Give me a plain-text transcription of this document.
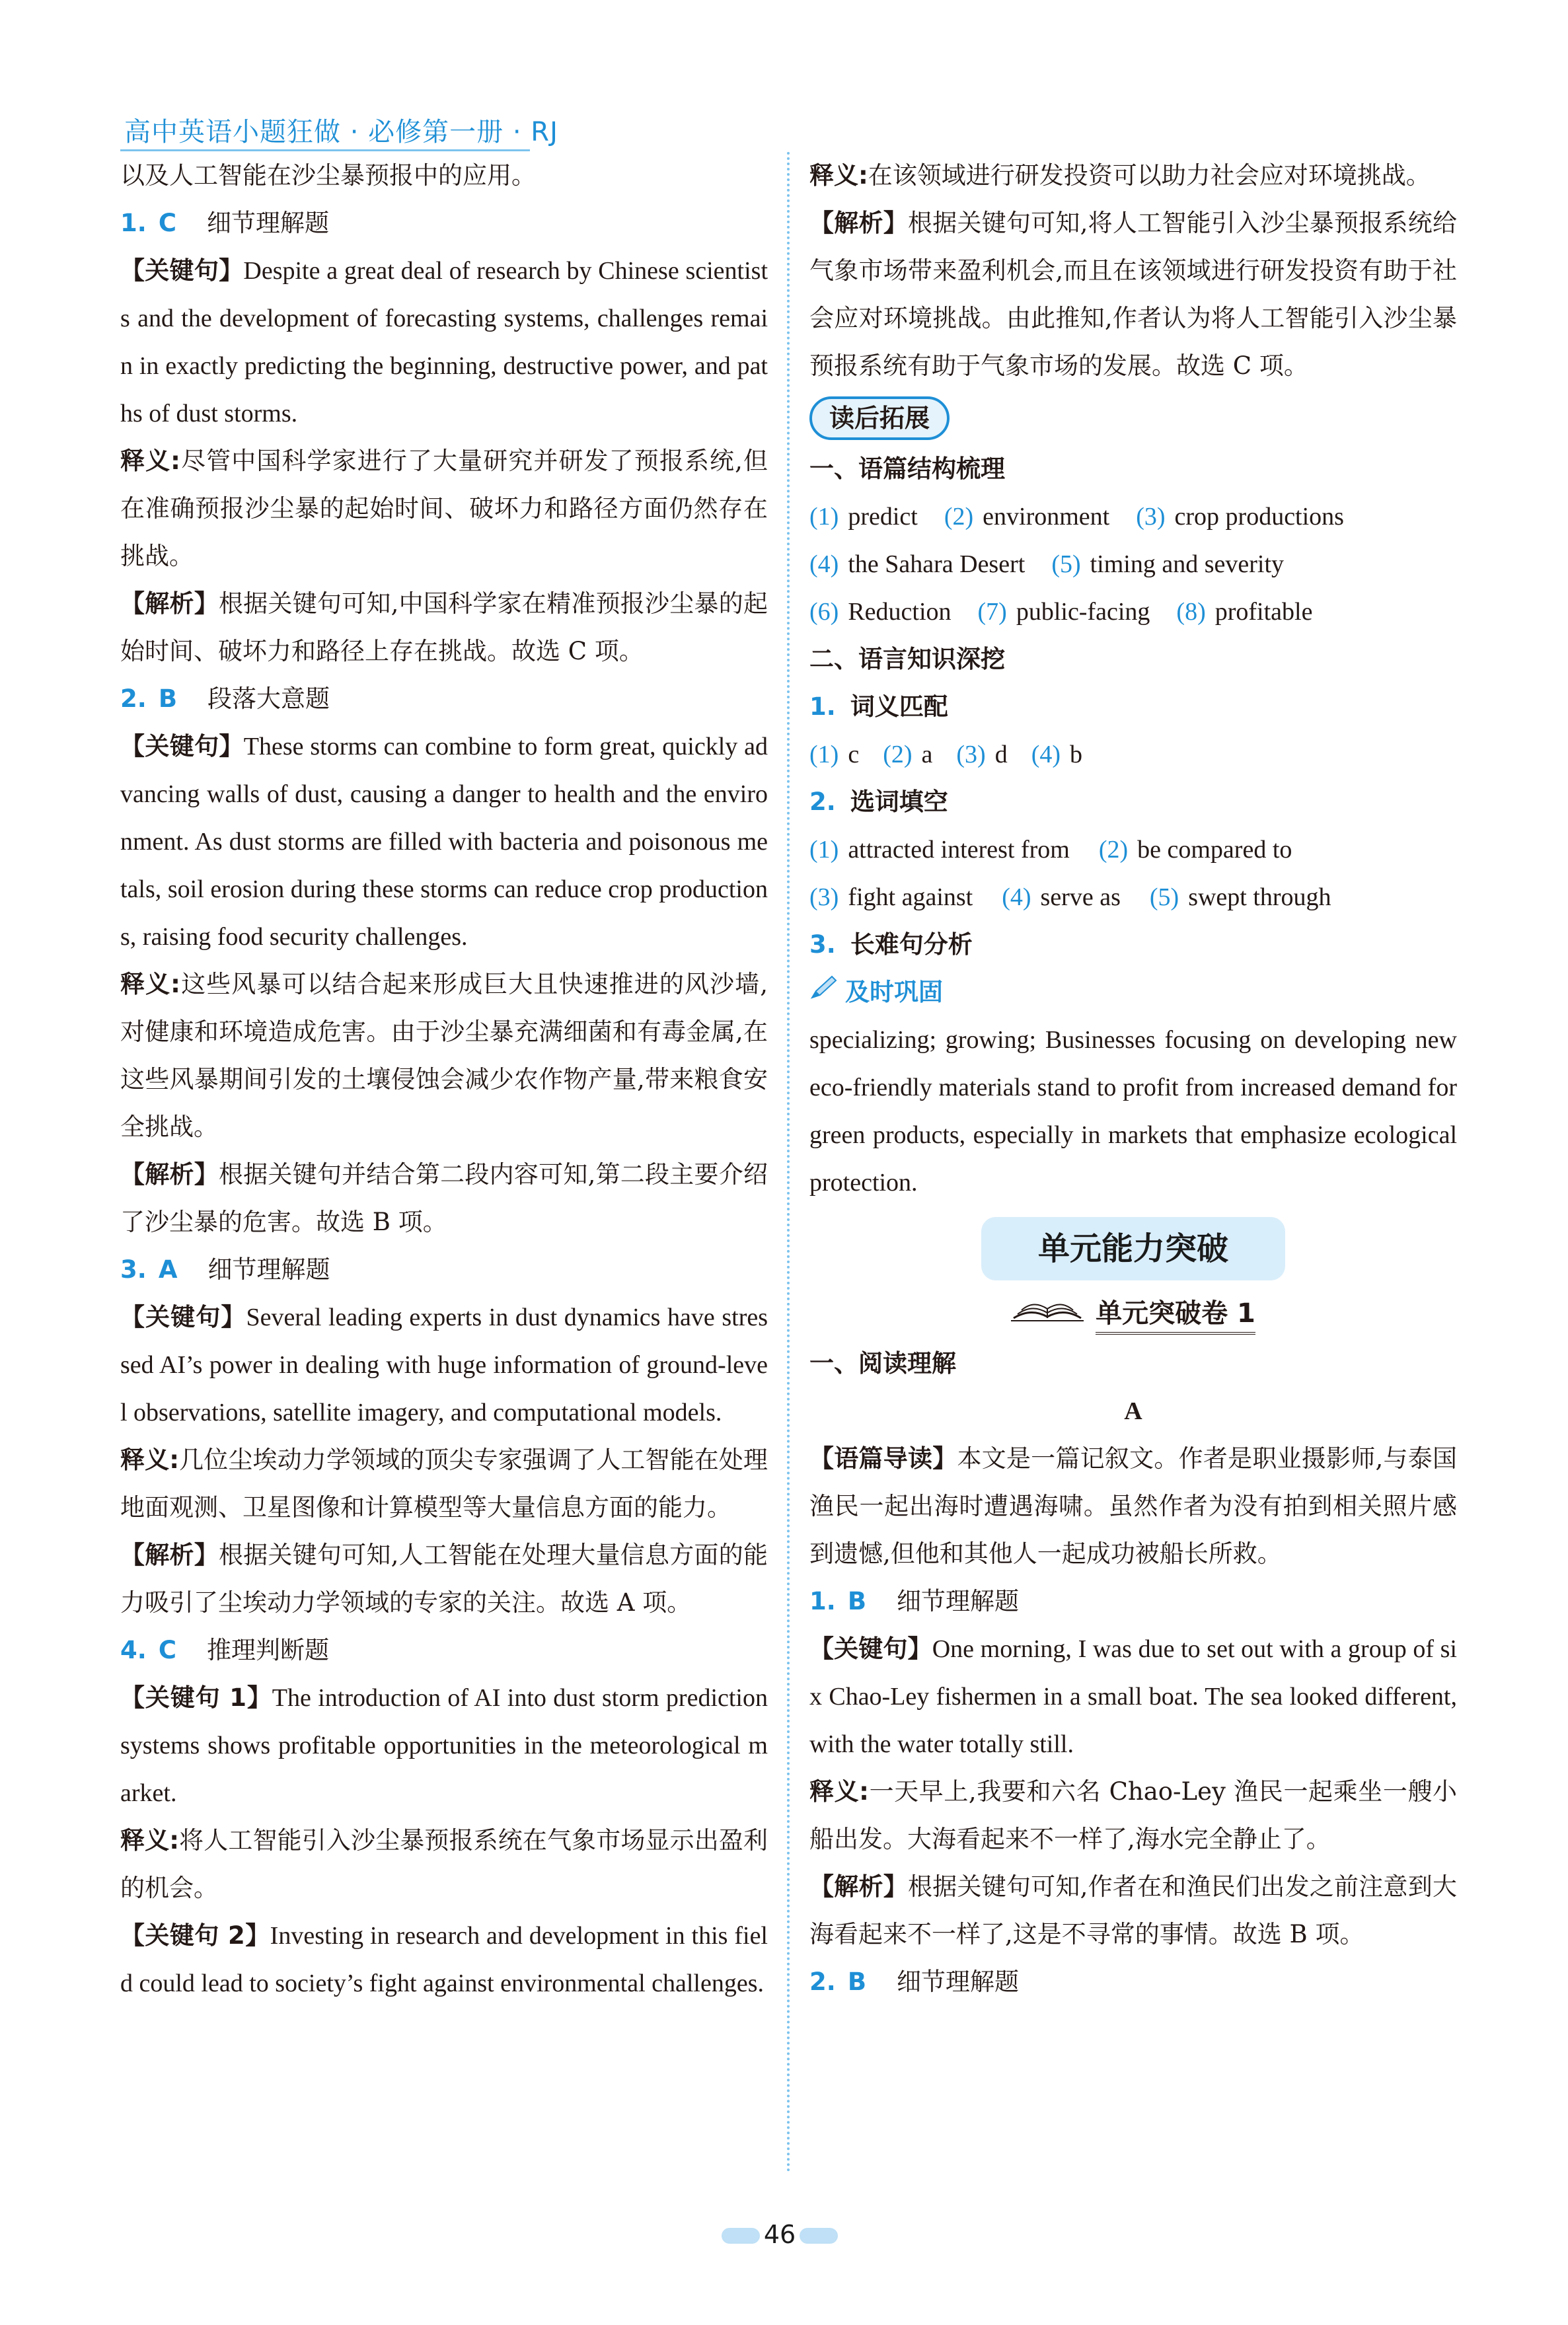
高中英语小题狂做 · 必修第一册 · RJ

以及人工智能在沙尘暴预报中的应用。

1. C 细节理解题

【关键句】Despite a great deal of research by Chinese scientists and the development of forecasting systems, challenges remain in exactly predicting the beginning, destructive power, and paths of dust storms.

释义:尽管中国科学家进行了大量研究并研发了预报系统,但在准确预报沙尘暴的起始时间、破坏力和路径方面仍然存在挑战。

【解析】根据关键句可知,中国科学家在精准预报沙尘暴的起始时间、破坏力和路径上存在挑战。故选 C 项。

2. B 段落大意题

【关键句】These storms can combine to form great, quickly advancing walls of dust, causing a danger to health and the environment. As dust storms are filled with bacteria and poisonous metals, soil erosion during these storms can reduce crop productions, raising food security challenges.

释义:这些风暴可以结合起来形成巨大且快速推进的风沙墙,对健康和环境造成危害。由于沙尘暴充满细菌和有毒金属,在这些风暴期间引发的土壤侵蚀会减少农作物产量,带来粮食安全挑战。

【解析】根据关键句并结合第二段内容可知,第二段主要介绍了沙尘暴的危害。故选 B 项。

3. A 细节理解题

【关键句】Several leading experts in dust dynamics have stressed AI’s power in dealing with huge information of ground-level observations, satellite imagery, and computational models.

释义:几位尘埃动力学领域的顶尖专家强调了人工智能在处理地面观测、卫星图像和计算模型等大量信息方面的能力。

【解析】根据关键句可知,人工智能在处理大量信息方面的能力吸引了尘埃动力学领域的专家的关注。故选 A 项。

4. C 推理判断题

【关键句 1】The introduction of AI into dust storm prediction systems shows profitable opportunities in the meteorological market.

释义:将人工智能引入沙尘暴预报系统在气象市场显示出盈利的机会。

【关键句 2】Investing in research and development in this field could lead to society’s fight against environmental challenges.

释义:在该领域进行研发投资可以助力社会应对环境挑战。

【解析】根据关键句可知,将人工智能引入沙尘暴预报系统给气象市场带来盈利机会,而且在该领域进行研发投资有助于社会应对环境挑战。由此推知,作者认为将人工智能引入沙尘暴预报系统有助于气象市场的发展。故选 C 项。

读后拓展

一、语篇结构梳理

(1) predict (2) environment (3) crop productions

(4) the Sahara Desert (5) timing and severity

(6) Reduction (7) public-facing (8) profitable

二、语言知识深挖

1. 词义匹配

(1) c (2) a (3) d (4) b

2. 选词填空

(1) attracted interest from (2) be compared to

(3) fight against (4) serve as (5) swept through

3. 长难句分析

及时巩固

specializing; growing; Businesses focusing on developing new eco-friendly materials stand to profit from increased demand for green products, especially in markets that emphasize ecological protection.

单元能力突破
单元突破卷 1

一、阅读理解

A

【语篇导读】本文是一篇记叙文。作者是职业摄影师,与泰国渔民一起出海时遭遇海啸。虽然作者为没有拍到相关照片感到遗憾,但他和其他人一起成功被船长所救。

1. B 细节理解题

【关键句】One morning, I was due to set out with a group of six Chao-Ley fishermen in a small boat. The sea looked different, with the water totally still.

释义:一天早上,我要和六名 Chao-Ley 渔民一起乘坐一艘小船出发。大海看起来不一样了,海水完全静止了。

【解析】根据关键句可知,作者在和渔民们出发之前注意到大海看起来不一样了,这是不寻常的事情。故选 B 项。

2. B 细节理解题

46
